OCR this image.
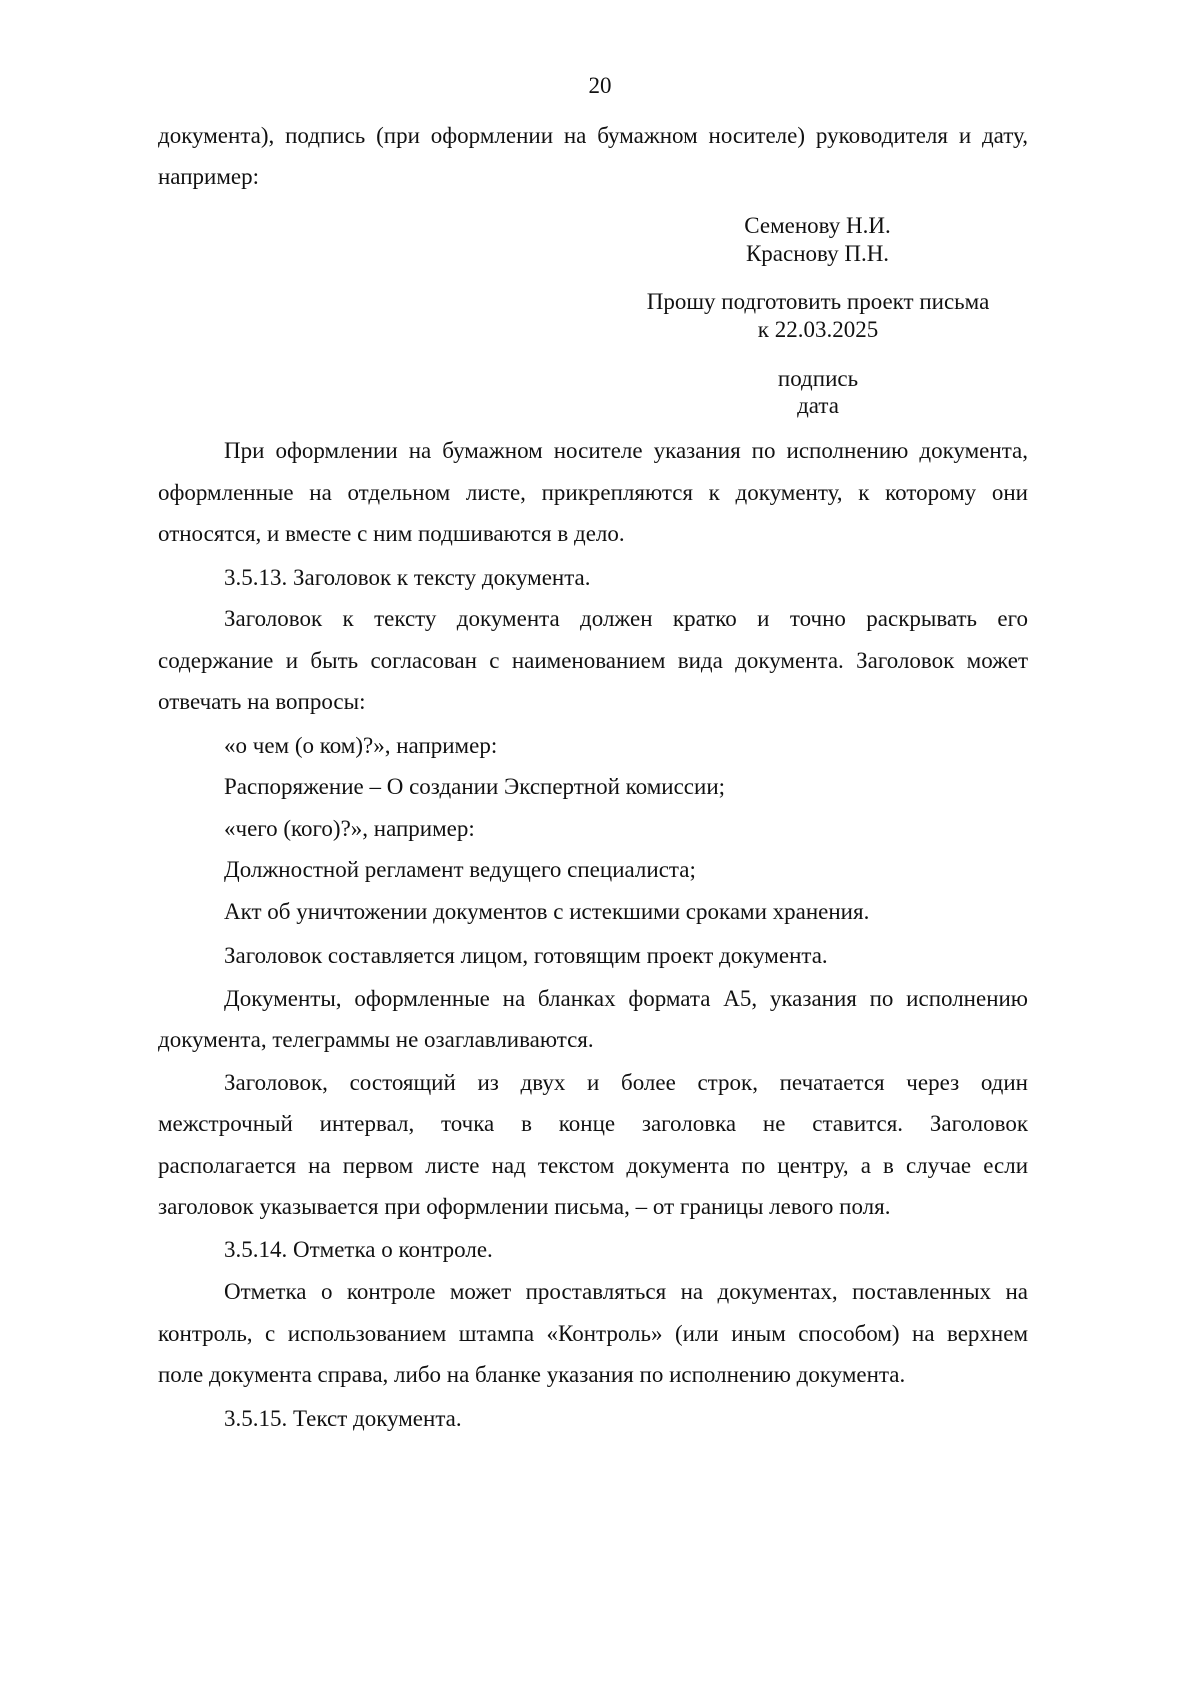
20
документа), подпись (при оформлении на бумажном носителе) руководителя и дату,
например:
Семенову Н.И.
Краснову П.Н.
Прошу подготовить проект письма
к 22.03.2025
подпись
дата
При оформлении на бумажном носителе указания по исполнению документа,
оформленные на отдельном листе, прикрепляются к документу, к которому они
относятся, и вместе с ним подшиваются в дело.
3.5.13. Заголовок к тексту документа.
Заголовок к тексту документа должен кратко и точно раскрывать его
содержание и быть согласован с наименованием вида документа. Заголовок может
отвечать на вопросы:
«о чем (о ком)?», например:
Распоряжение – О создании Экспертной комиссии;
«чего (кого)?», например:
Должностной регламент ведущего специалиста;
Акт об уничтожении документов с истекшими сроками хранения.
Заголовок составляется лицом, готовящим проект документа.
Документы, оформленные на бланках формата А5, указания по исполнению
документа, телеграммы не озаглавливаются.
Заголовок, состоящий из двух и более строк, печатается через один
межстрочный интервал, точка в конце заголовка не ставится. Заголовок
располагается на первом листе над текстом документа по центру, а в случае если
заголовок указывается при оформлении письма, – от границы левого поля.
3.5.14. Отметка о контроле.
Отметка о контроле может проставляться на документах, поставленных на
контроль, с использованием штампа «Контроль» (или иным способом) на верхнем
поле документа справа, либо на бланке указания по исполнению документа.
3.5.15. Текст документа.
